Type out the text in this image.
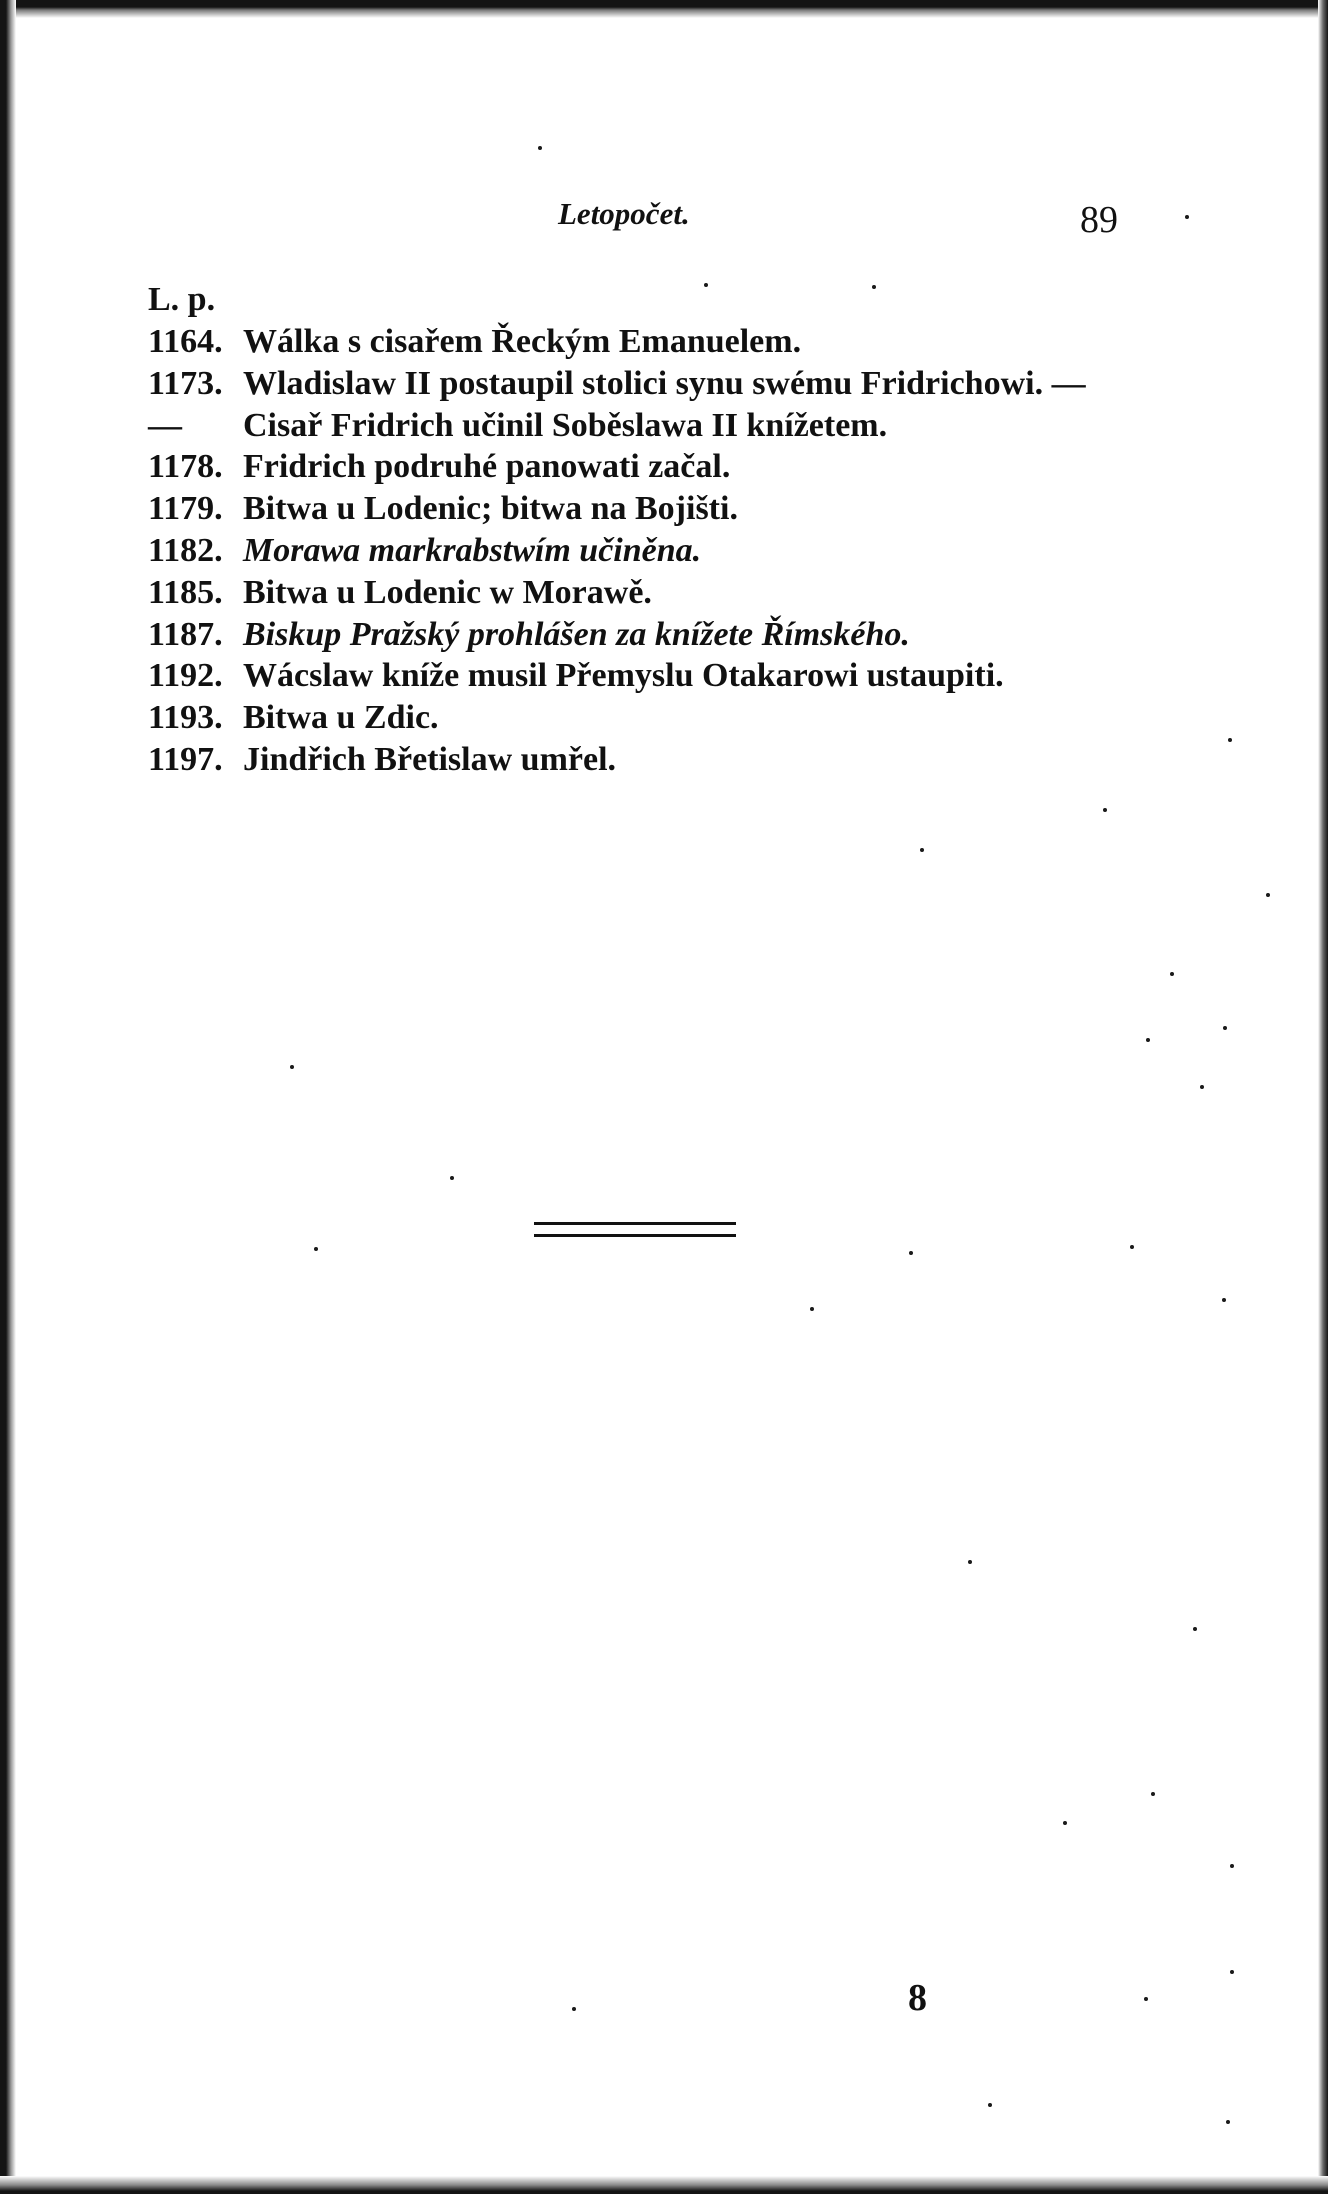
Letopočet.	89
L. p.
1164. Wálka s cisařem Řeckým Emanuelem.
1173. Wladislaw II postaupil stolici synu swému Fridrichowi. —
— Cisař Fridrich učinil Soběslawa II knížetem.
1178. Fridrich podruhé panowati začal.
1179. Bitwa u Lodenic; bitwa na Bojišti.
1182. Morawa markrabstwím učiněna.
1185. Bitwa u Lodenic w Morawě.
1187. Biskup Pražský prohlášen za knížete Římského.
1192. Wácslaw kníže musil Přemyslu Otakarowi ustaupiti.
1193. Bitwa u Zdic.
1197. Jindřich Břetislaw umřel.
8
